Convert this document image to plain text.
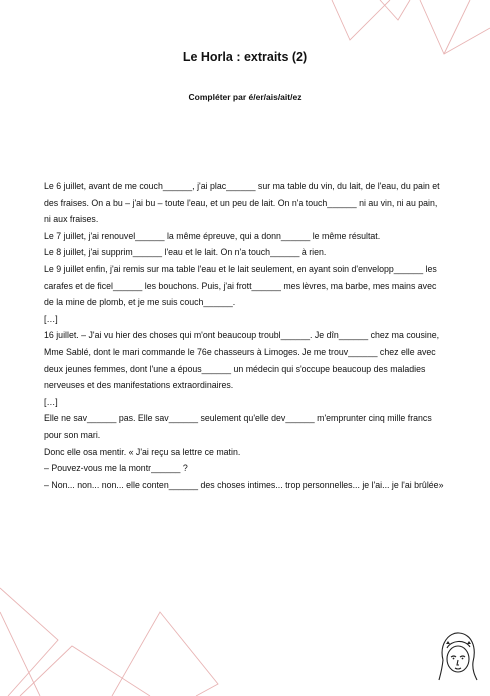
Le Horla : extraits (2)
Compléter par é/er/ais/ait/ez

Le 6 juillet, avant de me couch______, j'ai plac______ sur ma table du vin, du lait, de l'eau, du pain et des fraises. On a bu – j'ai bu – toute l'eau, et un peu de lait. On n'a touch______ ni au vin, ni au pain, ni aux fraises.

Le 7 juillet, j'ai renouvel______ la même épreuve, qui a donn______ le même résultat.

Le 8 juillet, j'ai supprim______ l'eau et le lait. On n'a touch______ à rien.

Le 9 juillet enfin, j'ai remis sur ma table l'eau et le lait seulement, en ayant soin d'envelopp______ les carafes et de ficel______ les bouchons. Puis, j'ai frott______ mes lèvres, ma barbe, mes mains avec de la mine de plomb, et je me suis couch______.

[…]

16 juillet. – J'ai vu hier des choses qui m'ont beaucoup troubl______. Je dîn______ chez ma cousine, Mme Sablé, dont le mari commande le 76e chasseurs à Limoges. Je me trouv______ chez elle avec deux jeunes femmes, dont l'une a épous______ un médecin qui s'occupe beaucoup des maladies nerveuses et des manifestations extraordinaires.

[…]

Elle ne sav______ pas. Elle sav______ seulement qu'elle dev______ m'emprunter cinq mille francs pour son mari.

Donc elle osa mentir. « J'ai reçu sa lettre ce matin.

– Pouvez-vous me la montr______ ?

– Non... non... non... elle conten______ des choses intimes... trop personnelles... je l'ai... je l'ai brûlée»
